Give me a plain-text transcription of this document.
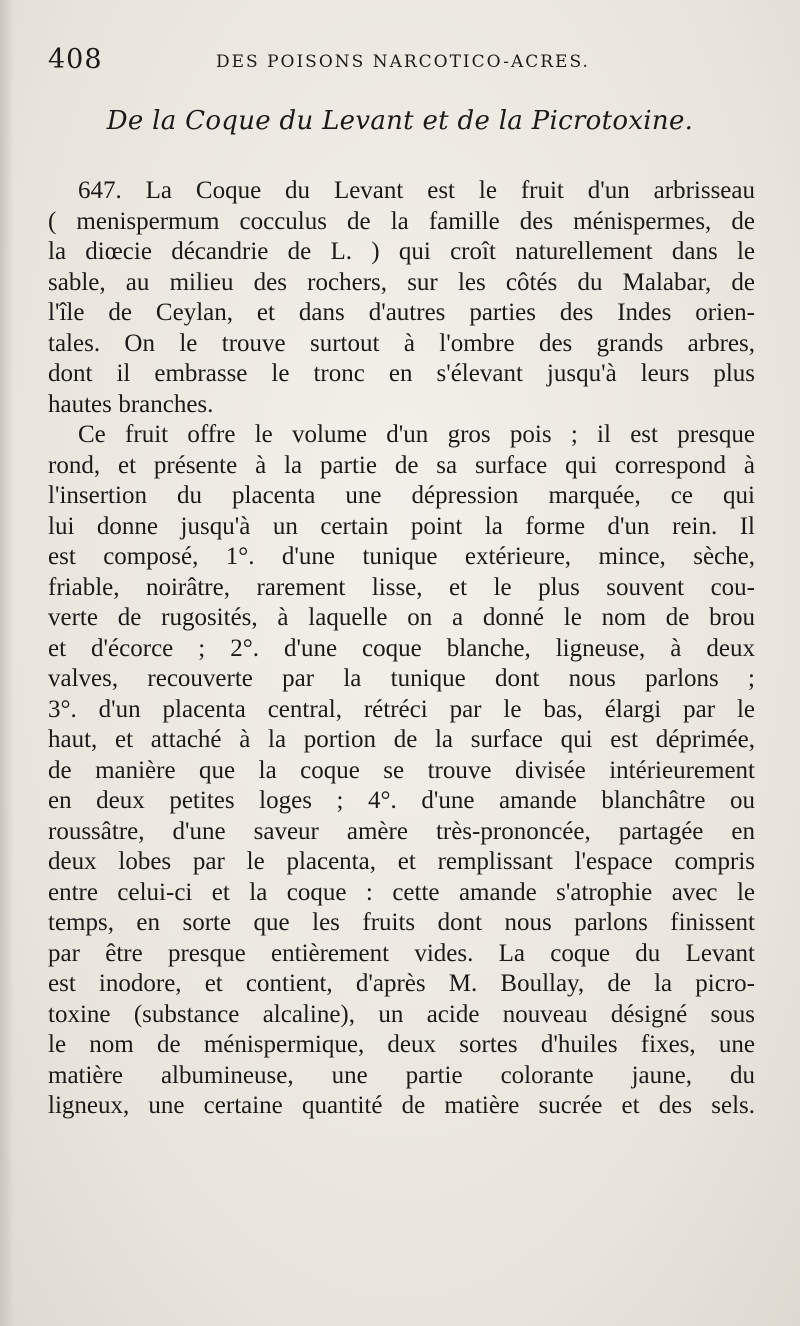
408	DES POISONS NARCOTICO-ACRES.
De la Coque du Levant et de la Picrotoxine.
647. La Coque du Levant est le fruit d'un arbrisseau
( menispermum cocculus de la famille des ménispermes, de
la diœcie décandrie de L. ) qui croît naturellement dans le
sable, au milieu des rochers, sur les côtés du Malabar, de
l'île de Ceylan, et dans d'autres parties des Indes orien-
tales. On le trouve surtout à l'ombre des grands arbres,
dont il embrasse le tronc en s'élevant jusqu'à leurs plus
hautes branches.
Ce fruit offre le volume d'un gros pois ; il est presque
rond, et présente à la partie de sa surface qui correspond à
l'insertion du placenta une dépression marquée, ce qui
lui donne jusqu'à un certain point la forme d'un rein. Il
est composé, 1°. d'une tunique extérieure, mince, sèche,
friable, noirâtre, rarement lisse, et le plus souvent cou-
verte de rugosités, à laquelle on a donné le nom de brou
et d'écorce ; 2°. d'une coque blanche, ligneuse, à deux
valves, recouverte par la tunique dont nous parlons ;
3°. d'un placenta central, rétréci par le bas, élargi par le
haut, et attaché à la portion de la surface qui est déprimée,
de manière que la coque se trouve divisée intérieurement
en deux petites loges ; 4°. d'une amande blanchâtre ou
roussâtre, d'une saveur amère très-prononcée, partagée en
deux lobes par le placenta, et remplissant l'espace compris
entre celui-ci et la coque : cette amande s'atrophie avec le
temps, en sorte que les fruits dont nous parlons finissent
par être presque entièrement vides. La coque du Levant
est inodore, et contient, d'après M. Boullay, de la picro-
toxine (substance alcaline), un acide nouveau désigné sous
le nom de ménispermique, deux sortes d'huiles fixes, une
matière albumineuse, une partie colorante jaune, du
ligneux, une certaine quantité de matière sucrée et des sels.
